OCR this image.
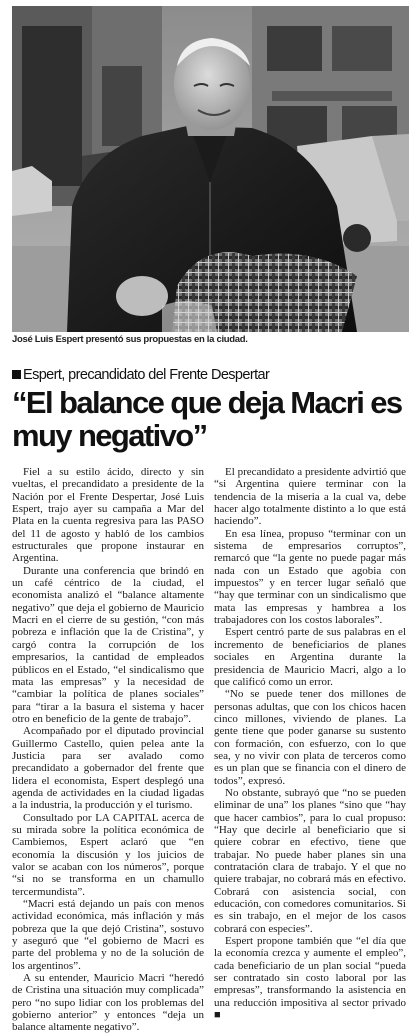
José Luis Espert presentó sus propuestas en la ciudad.
Espert, precandidato del Frente Despertar
“El balance que deja Macri es muy negativo”

Fiel a su estilo ácido, directo y sin vueltas, el precandidato a presidente de la Nación por el Frente Despertar, José Luis Espert, trajo ayer su campaña a Mar del Plata en la cuenta regresiva para las PASO del 11 de agosto y habló de los cambios estructurales que propone instaurar en Argentina.

Durante una conferencia que brindó en un café céntrico de la ciudad, el economista analizó el “balance altamente negativo” que deja el gobierno de Mauricio Macri en el cierre de su gestión, “con más pobreza e inflación que la de Cristina”, y cargó contra la corrupción de los empresarios, la cantidad de empleados públicos en el Estado, “el sindicalismo que mata las empresas” y la necesidad de “cambiar la política de planes sociales” para “tirar a la basura el sistema y hacer otro en beneficio de la gente de trabajo”.

Acompañado por el diputado provincial Guillermo Castello, quien pelea ante la Justicia para ser avalado como precandidato a gobernador del frente que lidera el economista, Espert desplegó una agenda de actividades en la ciudad ligadas a la industria, la producción y el turismo.

Consultado por LA CAPITAL acerca de su mirada sobre la política económica de Cambiemos, Espert aclaró que “en economía la discusión y los juicios de valor se acaban con los números”, porque “si no se transforma en un chamullo tercermundista”.

“Macri está dejando un país con menos actividad económica, más inflación y más pobreza que la que dejó Cristina”, sostuvo y aseguró que “el gobierno de Macri es parte del problema y no de la solución de los argentinos”.

A su entender, Mauricio Macri “heredó de Cristina una situación muy complicada” pero “no supo lidiar con los problemas del gobierno anterior” y entonces “deja un balance altamente negativo”.

El precandidato a presidente advirtió que “si Argentina quiere terminar con la tendencia de la miseria a la cual va, debe hacer algo totalmente distinto a lo que está haciendo”.

En esa línea, propuso “terminar con un sistema de empresarios corruptos”, remarcó que “la gente no puede pagar más nada con un Estado que agobia con impuestos” y en tercer lugar señaló que “hay que terminar con un sindicalismo que mata las empresas y hambrea a los trabajadores con los costos laborales”.

Espert centró parte de sus palabras en el incremento de beneficiarios de planes sociales en Argentina durante la presidencia de Mauricio Macri, algo a lo que calificó como un error.

“No se puede tener dos millones de personas adultas, que con los chicos hacen cinco millones, viviendo de planes. La gente tiene que poder ganarse su sustento con formación, con esfuerzo, con lo que sea, y no vivir con plata de terceros como es un plan que se financia con el dinero de todos”, expresó.

No obstante, subrayó que “no se pueden eliminar de una” los planes “sino que “hay que hacer cambios”, para lo cual propuso: “Hay que decirle al beneficiario que si quiere cobrar en efectivo, tiene que trabajar. No puede haber planes sin una contratación clara de trabajo. Y el que no quiere trabajar, no cobrará más en efectivo. Cobrará con asistencia social, con educación, con comedores comunitarios. Si es sin trabajo, en el mejor de los casos cobrará con especies”.

Espert propone también que “el día que la economía crezca y aumente el empleo”, cada beneficiario de un plan social “pueda ser contratado sin costo laboral por las empresas”, transformando la asistencia en una reducción impositiva al sector privado ■
